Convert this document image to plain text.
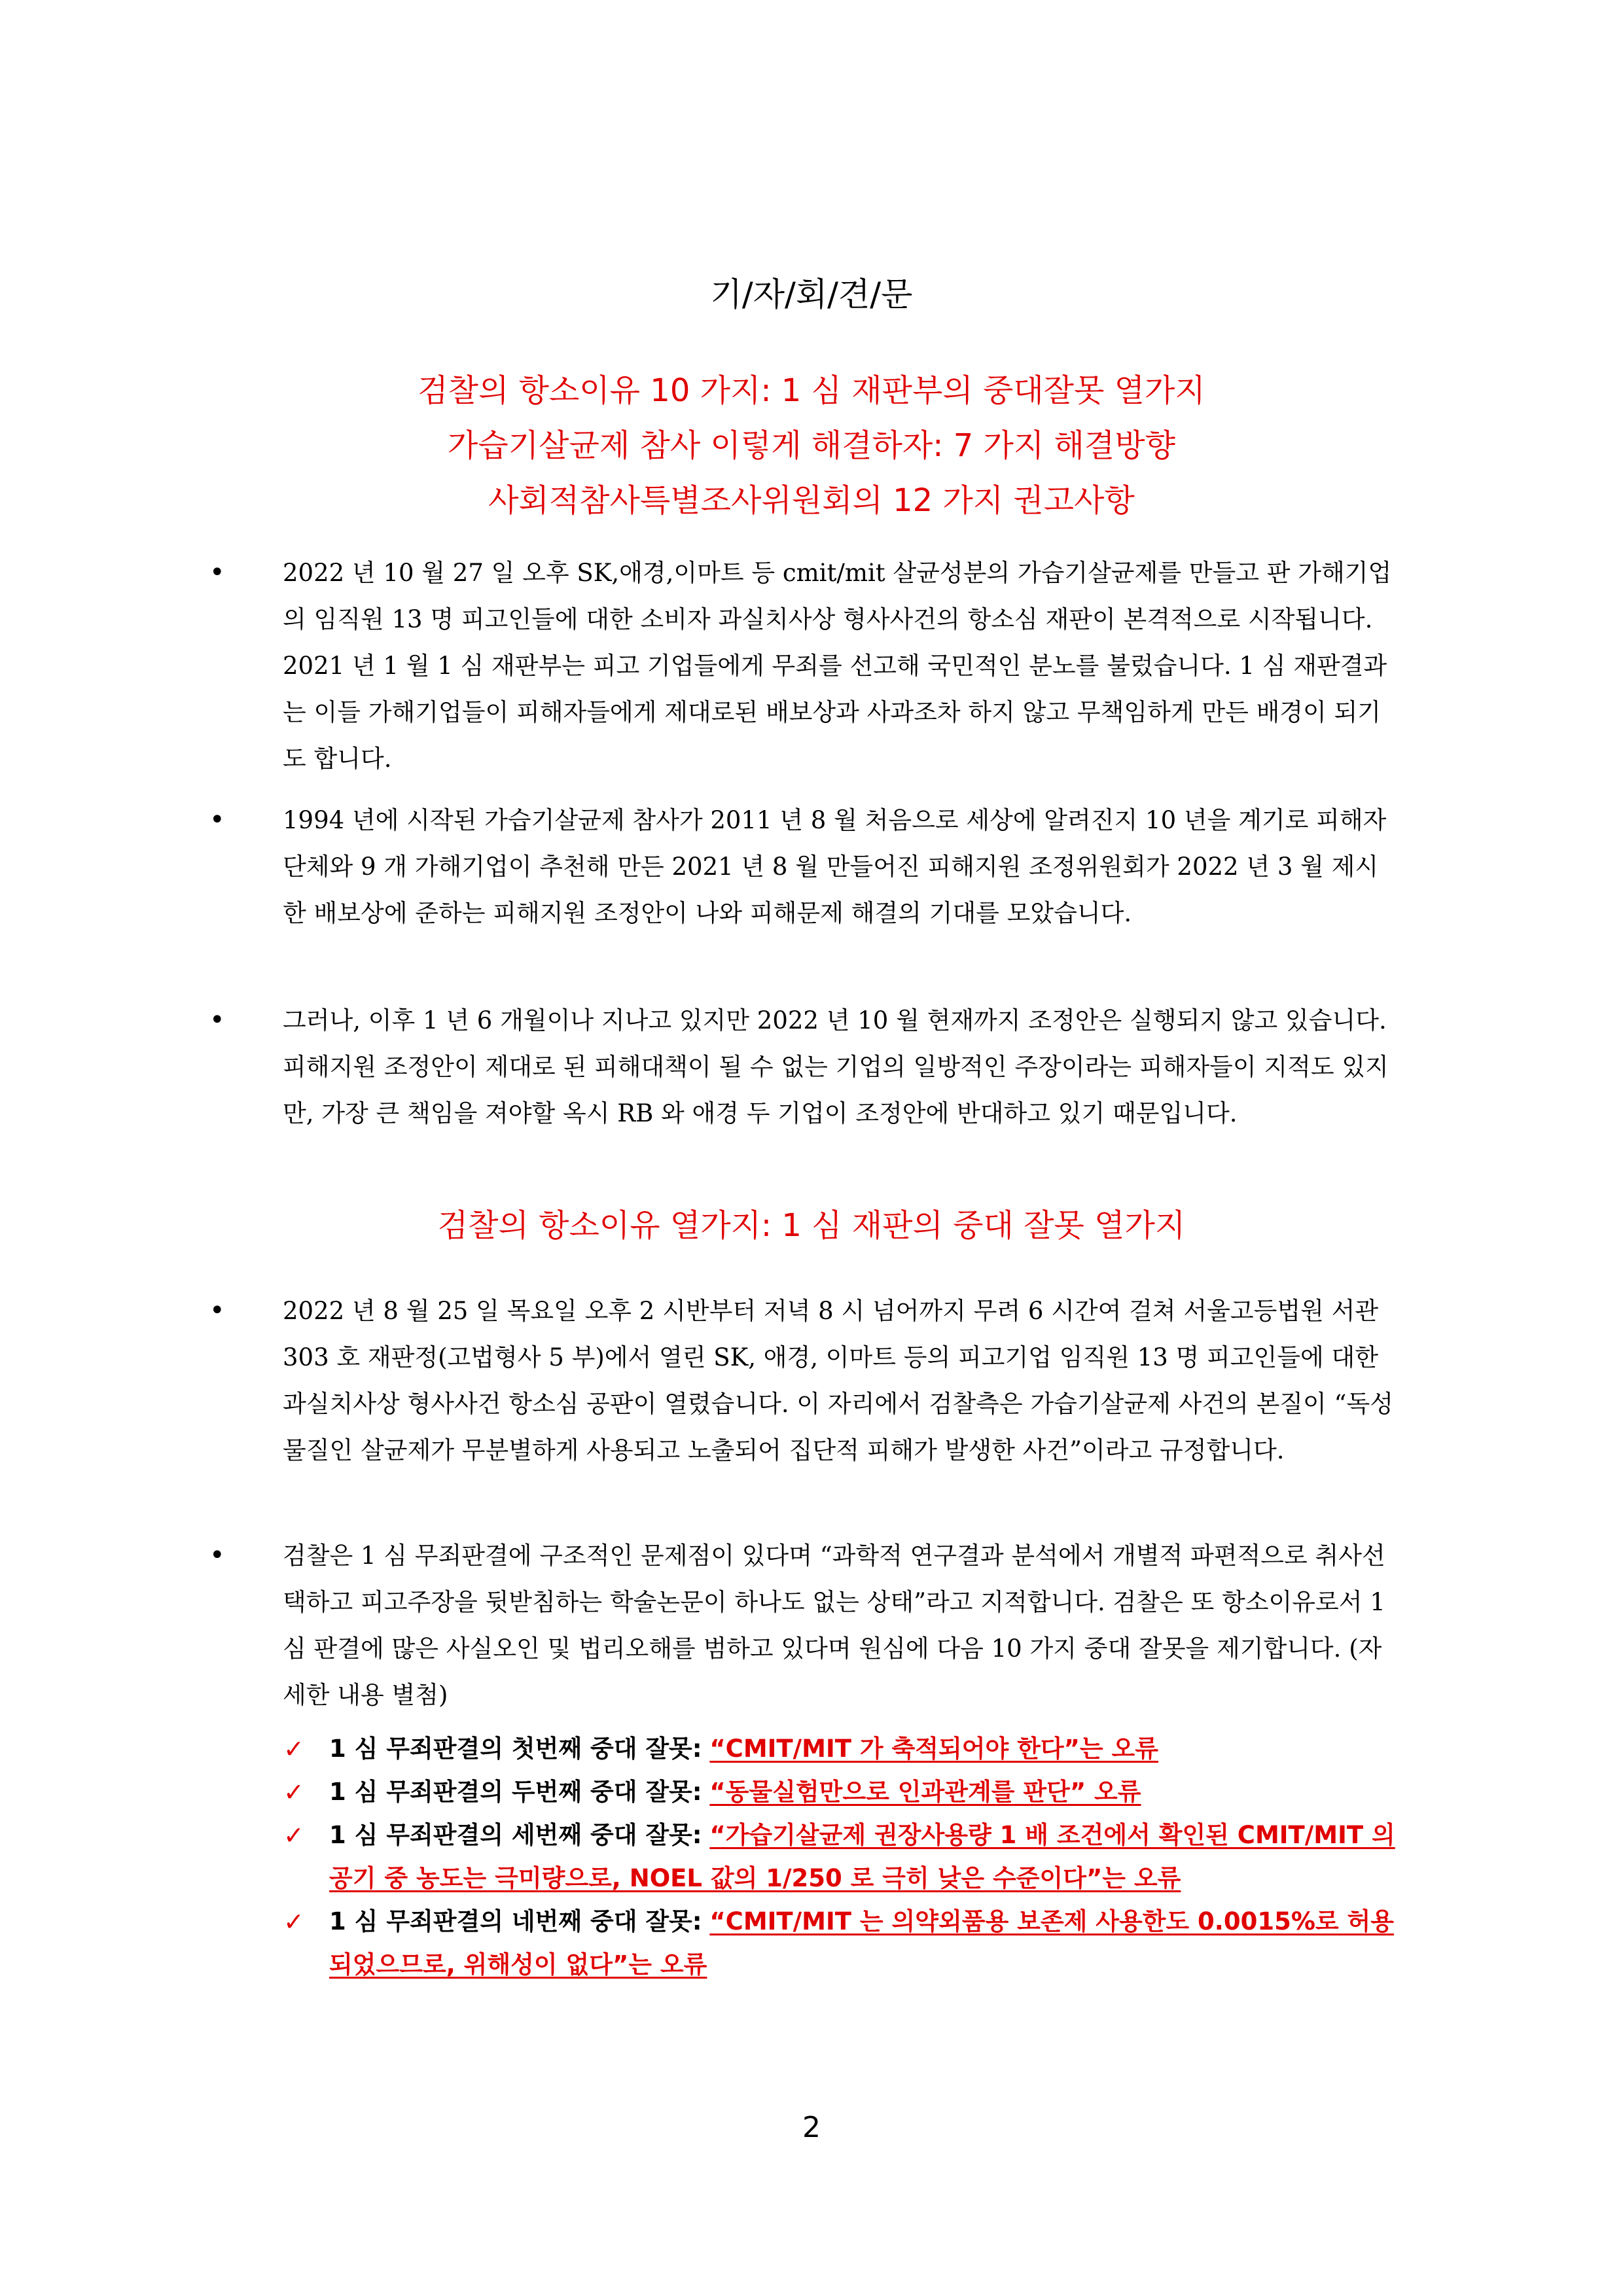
기/자/회/견/문

검찰의 항소이유 10 가지: 1 심 재판부의 중대잘못 열가지

가습기살균제 참사 이렇게 해결하자: 7 가지 해결방향

사회적참사특별조사위원회의 12 가지 권고사항

• 2022 년 10 월 27 일 오후 SK,애경,이마트 등 cmit/mit 살균성분의 가습기살균제를 만들고 판 가해기업의 임직원 13 명 피고인들에 대한 소비자 과실치사상 형사사건의 항소심 재판이 본격적으로 시작됩니다. 2021 년 1 월 1 심 재판부는 피고 기업들에게 무죄를 선고해 국민적인 분노를 불렀습니다. 1 심 재판결과는 이들 가해기업들이 피해자들에게 제대로된 배보상과 사과조차 하지 않고 무책임하게 만든 배경이 되기도 합니다.
• 1994 년에 시작된 가습기살균제 참사가 2011 년 8 월 처음으로 세상에 알려진지 10 년을 계기로 피해자단체와 9 개 가해기업이 추천해 만든 2021 년 8 월 만들어진 피해지원 조정위원회가 2022 년 3 월 제시한 배보상에 준하는 피해지원 조정안이 나와 피해문제 해결의 기대를 모았습니다.
• 그러나, 이후 1 년 6 개월이나 지나고 있지만 2022 년 10 월 현재까지 조정안은 실행되지 않고 있습니다. 피해지원 조정안이 제대로 된 피해대책이 될 수 없는 기업의 일방적인 주장이라는 피해자들이 지적도 있지만, 가장 큰 책임을 져야할 옥시 RB 와 애경 두 기업이 조정안에 반대하고 있기 때문입니다.
검찰의 항소이유 열가지: 1 심 재판의 중대 잘못 열가지
• 2022 년 8 월 25 일 목요일 오후 2 시반부터 저녁 8 시 넘어까지 무려 6 시간여 걸쳐 서울고등법원 서관 303 호 재판정(고법형사 5 부)에서 열린 SK, 애경, 이마트 등의 피고기업 임직원 13 명 피고인들에 대한 과실치사상 형사사건 항소심 공판이 열렸습니다. 이 자리에서 검찰측은 가습기살균제 사건의 본질이 “독성물질인 살균제가 무분별하게 사용되고 노출되어 집단적 피해가 발생한 사건”이라고 규정합니다.
• 검찰은 1 심 무죄판결에 구조적인 문제점이 있다며 “과학적 연구결과 분석에서 개별적 파편적으로 취사선택하고 피고주장을 뒷받침하는 학술논문이 하나도 없는 상태”라고 지적합니다. 검찰은 또 항소이유로서 1 심 판결에 많은 사실오인 및 법리오해를 범하고 있다며 원심에 다음 10 가지 중대 잘못을 제기합니다. (자세한 내용 별첨)

✓ 1 심 무죄판결의 첫번째 중대 잘못: “CMIT/MIT 가 축적되어야 한다”는 오류

✓ 1 심 무죄판결의 두번째 중대 잘못: “동물실험만으로 인과관계를 판단” 오류

✓ 1 심 무죄판결의 세번째 중대 잘못: “가습기살균제 권장사용량 1 배 조건에서 확인된 CMIT/MIT 의 공기 중 농도는 극미량으로, NOEL 값의 1/250 로 극히 낮은 수준이다”는 오류

✓ 1 심 무죄판결의 네번째 중대 잘못: “CMIT/MIT 는 의약외품용 보존제 사용한도 0.0015%로 허용되었으므로, 위해성이 없다”는 오류

2
